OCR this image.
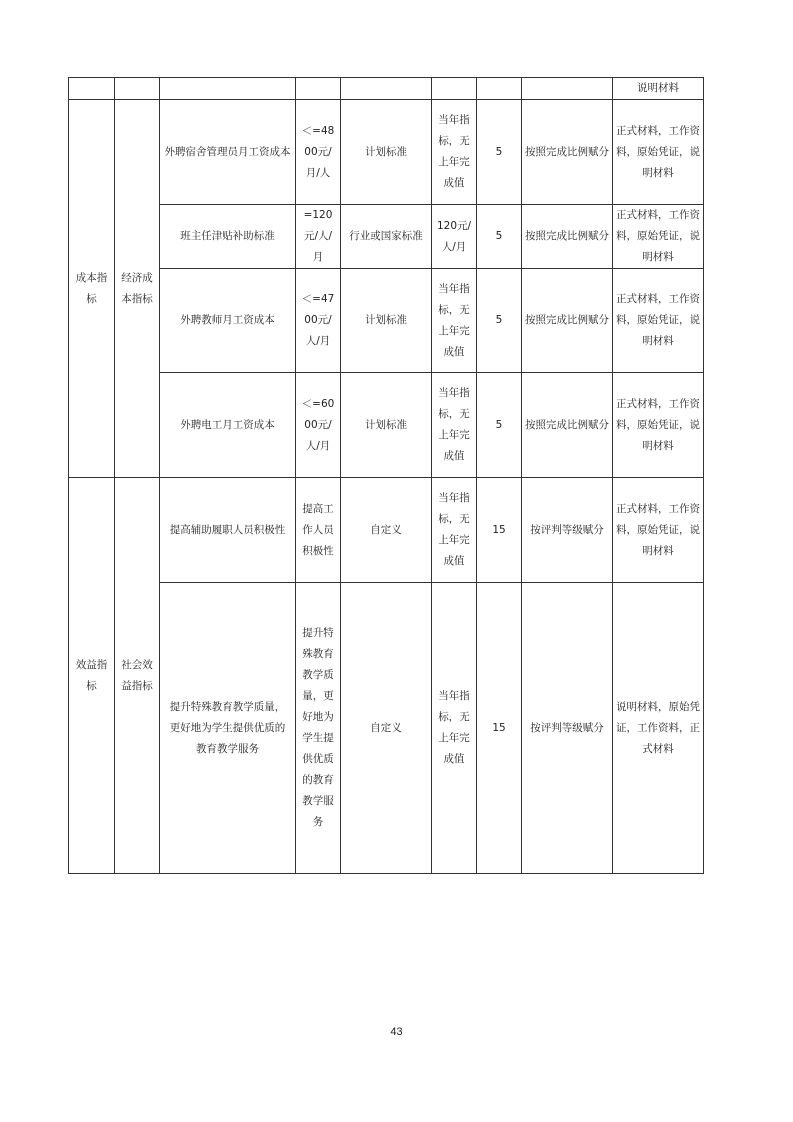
								说明材料
成本指标	经济成本指标	外聘宿舍管理员月工资成本	＜=4800元/月/人	计划标准	当年指标，无上年完成值	5	按照完成比例赋分	正式材料，工作资料，原始凭证，说明材料
		班主任津贴补助标准	=120元/人/月	行业或国家标准	120元/人/月	5	按照完成比例赋分	正式材料，工作资料，原始凭证，说明材料
		外聘教师月工资成本	＜=4700元/人/月	计划标准	当年指标，无上年完成值	5	按照完成比例赋分	正式材料，工作资料，原始凭证，说明材料
		外聘电工月工资成本	＜=6000元/人/月	计划标准	当年指标，无上年完成值	5	按照完成比例赋分	正式材料，工作资料，原始凭证，说明材料
效益指标	社会效益指标	提高辅助履职人员积极性	提高工作人员积极性	自定义	当年指标，无上年完成值	15	按评判等级赋分	正式材料，工作资料，原始凭证，说明材料
		提升特殊教育教学质量，更好地为学生提供优质的教育教学服务	提升特殊教育教学质量，更好地为学生提供优质的教育教学服务	自定义	当年指标，无上年完成值	15	按评判等级赋分	说明材料，原始凭证，工作资料，正式材料
43
